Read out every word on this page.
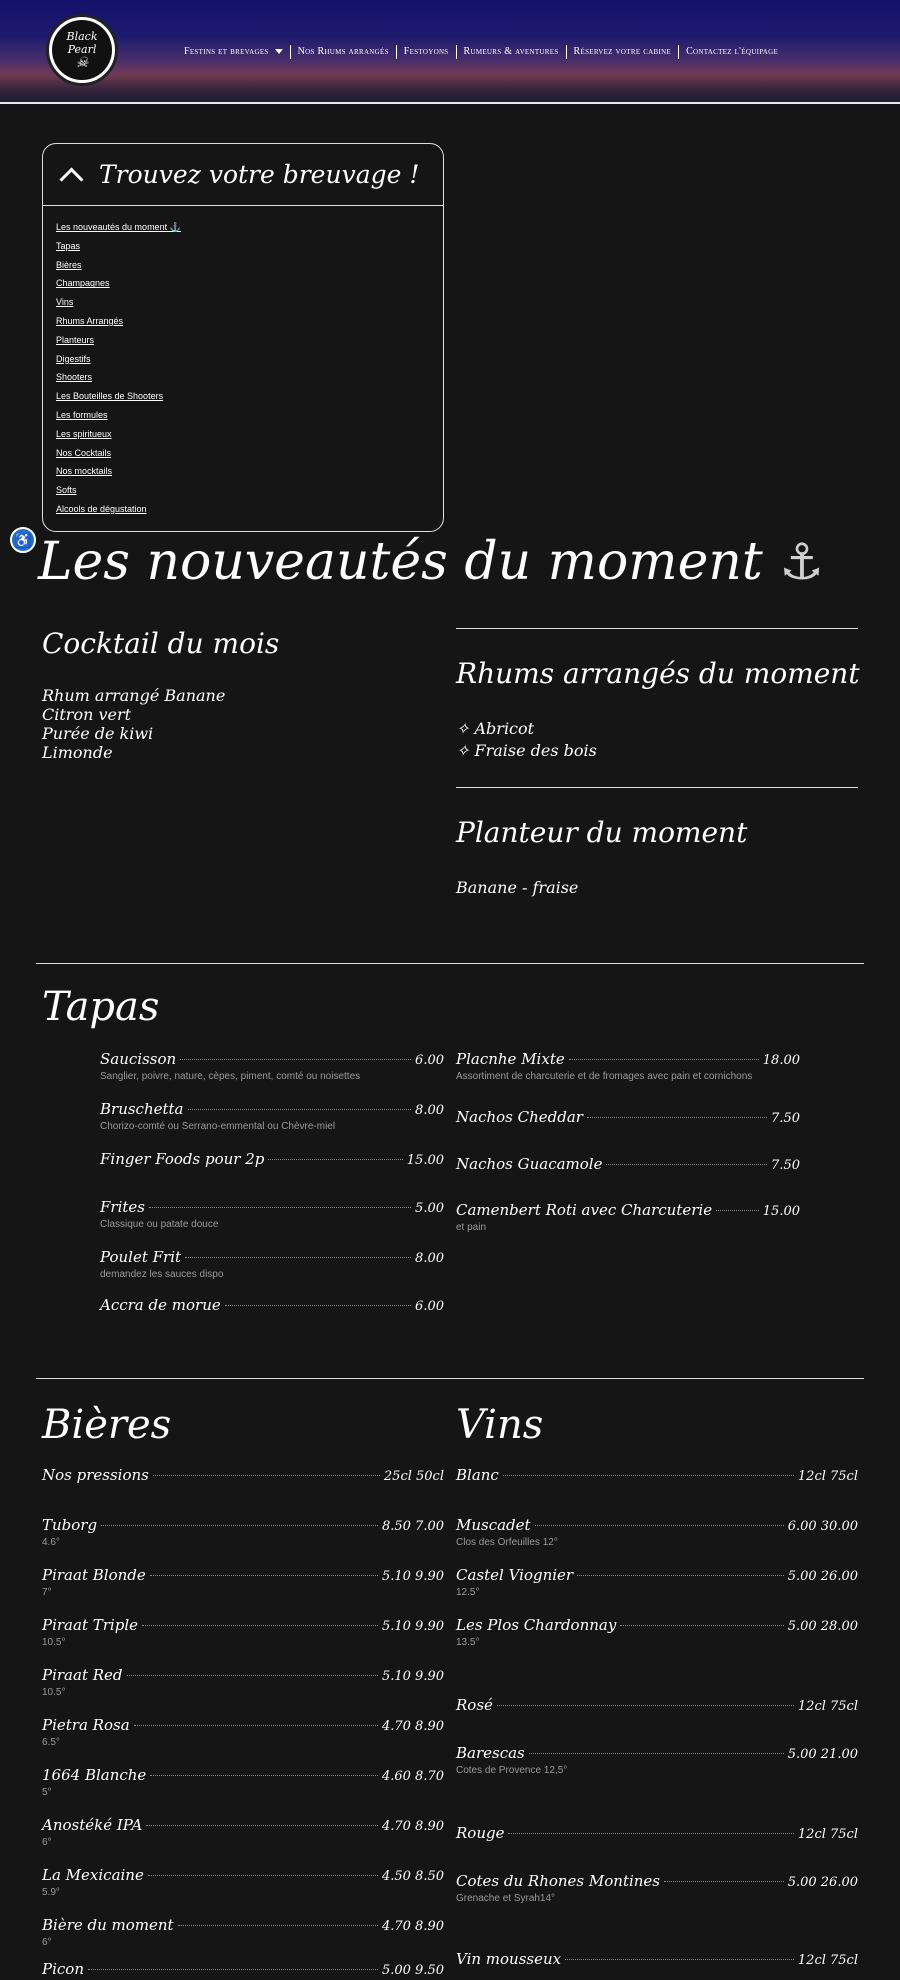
Black
Pearl
☠
Festins et brevages	Nos Rhums arrangés	Festoyons	Rumeurs & aventures	Réservez votre cabine	Contactez l'équipage
Trouvez votre breuvage !
Les nouveautés du moment ⚓
Tapas
Bières
Champagnes
Vins
Rhums Arrangés
Planteurs
Digestifs
Shooters
Les Bouteilles de Shooters
Les formules
Les spiritueux
Nos Cocktails
Nos mocktails
Softs
Alcools de dégustation
♿ Les nouveautés du moment ⚓
Cocktail du mois
Rhum arrangé Banane
Citron vert
Purée de kiwi
Limonde
Rhums arrangés du moment
✧ Abricot
✧ Fraise des bois
Planteur du moment
Banane - fraise
Tapas
Saucisson	6.00
Sanglier, poivre, nature, cèpes, piment, comté ou noisettes
Bruschetta	8.00
Chorizo-comté ou Serrano-emmental ou Chèvre-miel
Finger Foods pour 2p	15.00
Frites	5.00
Classique ou patate douce
Poulet Frit	8.00
demandez les sauces dispo
Accra de morue	6.00
Placnhe Mixte	18.00
Assortiment de charcuterie et de fromages avec pain et cornichons
Nachos Cheddar	7.50
Nachos Guacamole	7.50
Camenbert Roti avec Charcuterie	15.00
et pain
Bières	Vins
Nos pressions	25cl 50cl
Tuborg	8.50 7.00
4.6°
Piraat Blonde	5.10 9.90
7°
Piraat Triple	5.10 9.90
10.5°
Piraat Red	5.10 9.90
10.5°
Pietra Rosa	4.70 8.90
6.5°
1664 Blanche	4.60 8.70
5°
Anostéké IPA	4.70 8.90
6°
La Mexicaine	4.50 8.50
5.9°
Bière du moment	4.70 8.90
6°
Picon	5.00 9.50
Blanc	12cl 75cl
Muscadet	6.00 30.00
Clos des Orfeuilles 12°
Castel Viognier	5.00 26.00
12.5°
Les Plos Chardonnay	5.00 28.00
13.5°
Rosé	12cl 75cl
Barescas	5.00 21.00
Cotes de Provence 12,5°
Rouge	12cl 75cl
Cotes du Rhones Montines	5.00 26.00
Grenache et Syrah14°
Vin mousseux	12cl 75cl
